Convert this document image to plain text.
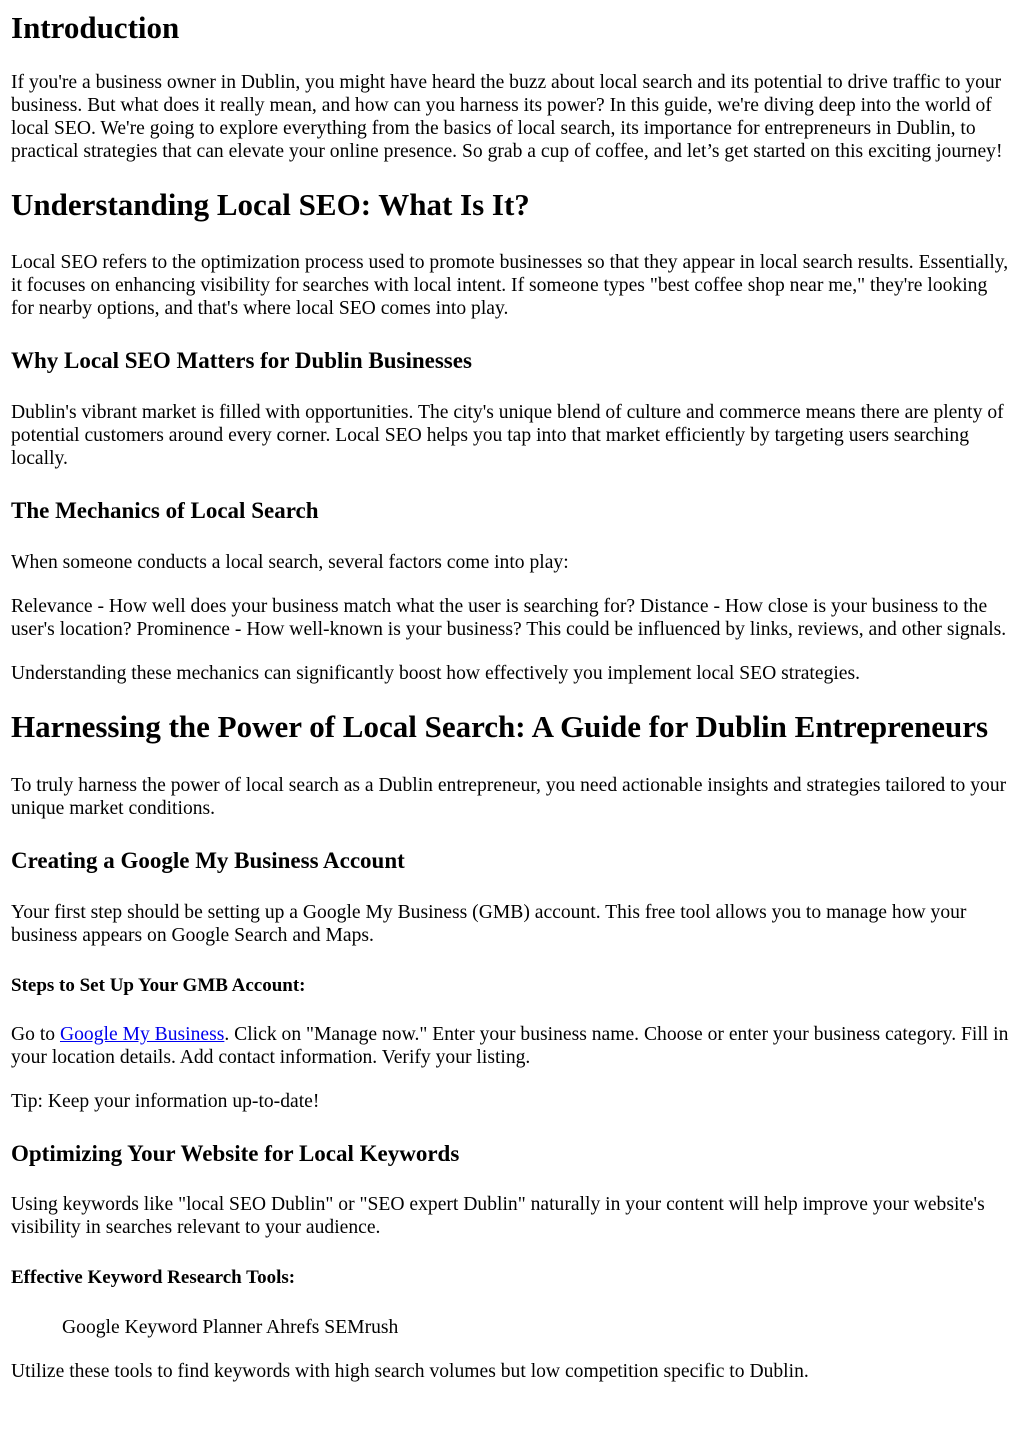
Introduction

If you're a business owner in Dublin, you might have heard the buzz about local search and its potential to drive traffic to your business. But what does it really mean, and how can you harness its power? In this guide, we're diving deep into the world of local SEO. We're going to explore everything from the basics of local search, its importance for entrepreneurs in Dublin, to practical strategies that can elevate your online presence. So grab a cup of coffee, and let’s get started on this exciting journey!

Understanding Local SEO: What Is It?

Local SEO refers to the optimization process used to promote businesses so that they appear in local search results. Essentially, it focuses on enhancing visibility for searches with local intent. If someone types "best coffee shop near me," they're looking for nearby options, and that's where local SEO comes into play.

Why Local SEO Matters for Dublin Businesses

Dublin's vibrant market is filled with opportunities. The city's unique blend of culture and commerce means there are plenty of potential customers around every corner. Local SEO helps you tap into that market efficiently by targeting users searching locally.

The Mechanics of Local Search

When someone conducts a local search, several factors come into play:

Relevance - How well does your business match what the user is searching for? Distance - How close is your business to the user's location? Prominence - How well-known is your business? This could be influenced by links, reviews, and other signals.

Understanding these mechanics can significantly boost how effectively you implement local SEO strategies.

Harnessing the Power of Local Search: A Guide for Dublin Entrepreneurs

To truly harness the power of local search as a Dublin entrepreneur, you need actionable insights and strategies tailored to your unique market conditions.

Creating a Google My Business Account

Your first step should be setting up a Google My Business (GMB) account. This free tool allows you to manage how your business appears on Google Search and Maps.

Steps to Set Up Your GMB Account:

Go to Google My Business. Click on "Manage now." Enter your business name. Choose or enter your business category. Fill in your location details. Add contact information. Verify your listing.

Tip: Keep your information up-to-date!

Optimizing Your Website for Local Keywords

Using keywords like "local SEO Dublin" or "SEO expert Dublin" naturally in your content will help improve your website's visibility in searches relevant to your audience.

Effective Keyword Research Tools:

Google Keyword Planner Ahrefs SEMrush

Utilize these tools to find keywords with high search volumes but low competition specific to Dublin.
